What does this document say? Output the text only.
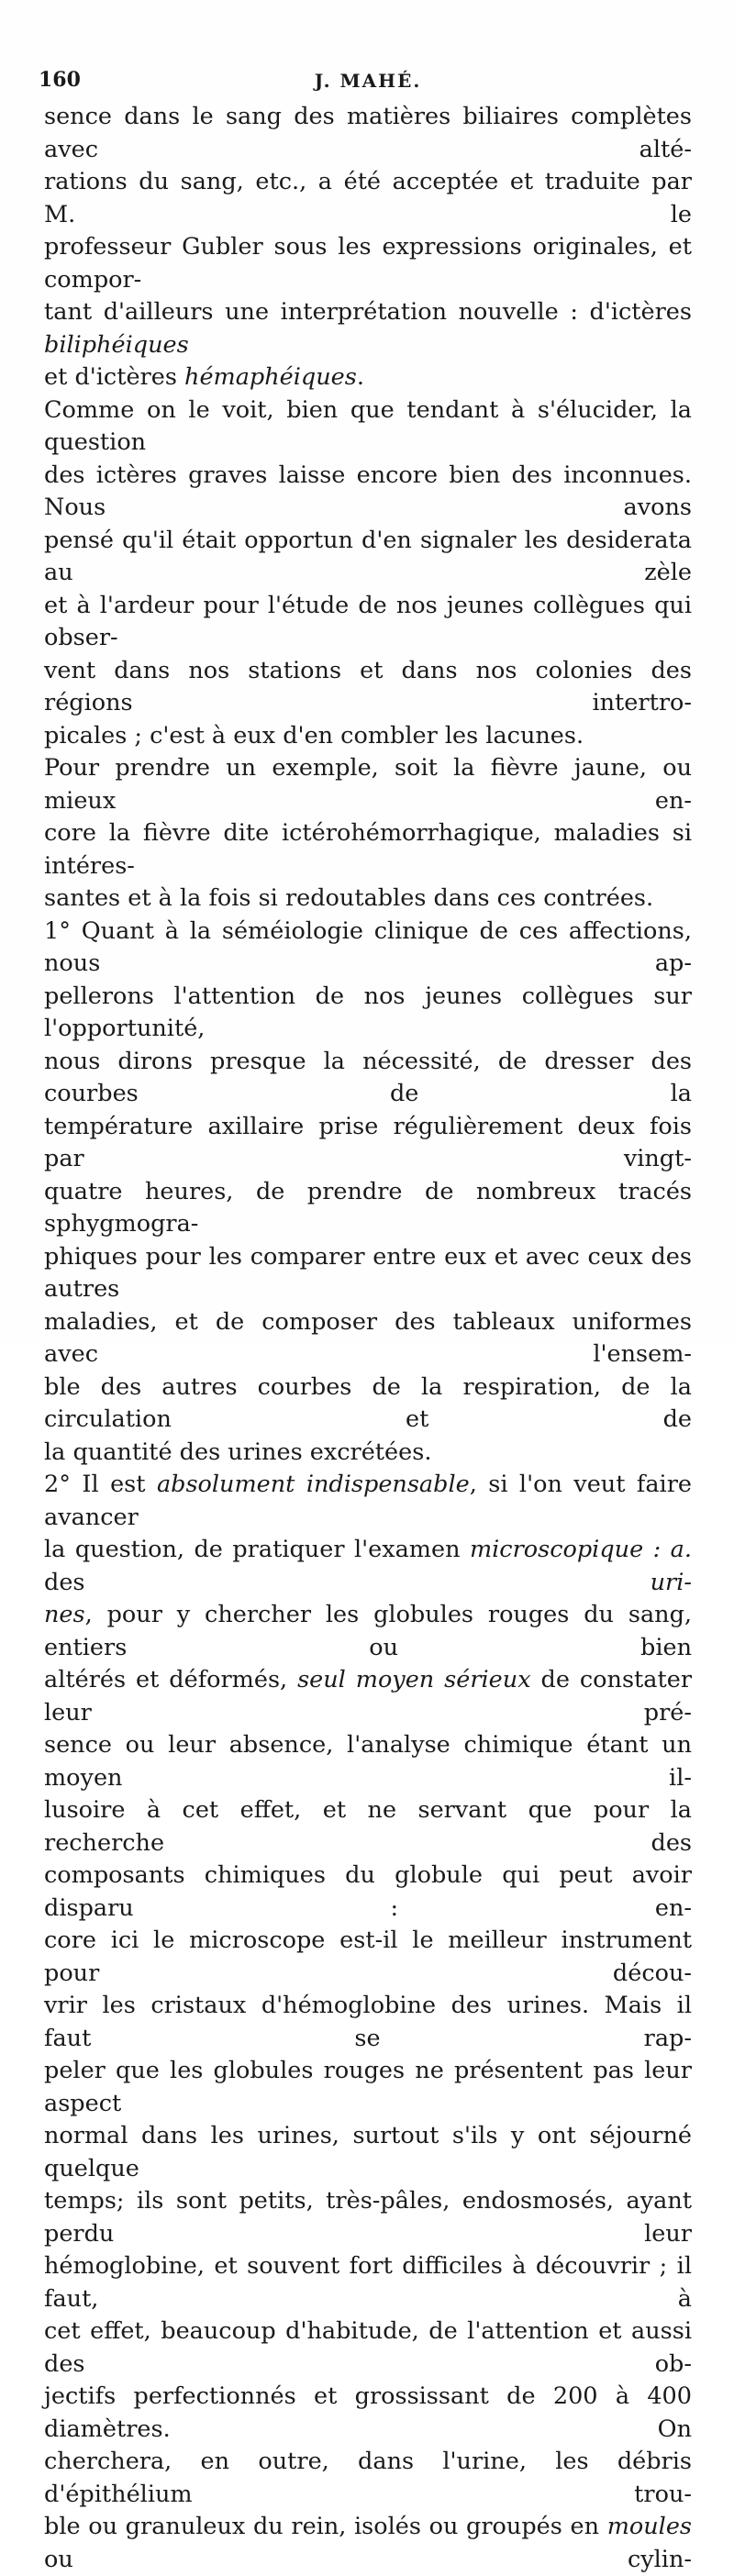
160	J. MAHÉ.
sence dans le sang des matières biliaires complètes avec alté-
rations du sang, etc., a été acceptée et traduite par M. le
professeur Gubler sous les expressions originales, et compor-
tant d'ailleurs une interprétation nouvelle : d'ictères biliphéiques
et d'ictères hémaphéiques.
Comme on le voit, bien que tendant à s'élucider, la question
des ictères graves laisse encore bien des inconnues. Nous avons
pensé qu'il était opportun d'en signaler les desiderata au zèle
et à l'ardeur pour l'étude de nos jeunes collègues qui obser-
vent dans nos stations et dans nos colonies des régions intertro-
picales ; c'est à eux d'en combler les lacunes.
Pour prendre un exemple, soit la fièvre jaune, ou mieux en-
core la fièvre dite ictérohémorrhagique, maladies si intéres-
santes et à la fois si redoutables dans ces contrées.
1° Quant à la séméiologie clinique de ces affections, nous ap-
pellerons l'attention de nos jeunes collègues sur l'opportunité,
nous dirons presque la nécessité, de dresser des courbes de la
température axillaire prise régulièrement deux fois par vingt-
quatre heures, de prendre de nombreux tracés sphygmogra-
phiques pour les comparer entre eux et avec ceux des autres
maladies, et de composer des tableaux uniformes avec l'ensem-
ble des autres courbes de la respiration, de la circulation et de
la quantité des urines excrétées.
2° Il est absolument indispensable, si l'on veut faire avancer
la question, de pratiquer l'examen microscopique : a. des uri-
nes, pour y chercher les globules rouges du sang, entiers ou bien
altérés et déformés, seul moyen sérieux de constater leur pré-
sence ou leur absence, l'analyse chimique étant un moyen il-
lusoire à cet effet, et ne servant que pour la recherche des
composants chimiques du globule qui peut avoir disparu : en-
core ici le microscope est-il le meilleur instrument pour décou-
vrir les cristaux d'hémoglobine des urines. Mais il faut se rap-
peler que les globules rouges ne présentent pas leur aspect
normal dans les urines, surtout s'ils y ont séjourné quelque
temps; ils sont petits, très-pâles, endosmosés, ayant perdu leur
hémoglobine, et souvent fort difficiles à découvrir ; il faut, à
cet effet, beaucoup d'habitude, de l'attention et aussi des ob-
jectifs perfectionnés et grossissant de 200 à 400 diamètres. On
cherchera, en outre, dans l'urine, les débris d'épithélium trou-
ble ou granuleux du rein, isolés ou groupés en moules ou cylin-
